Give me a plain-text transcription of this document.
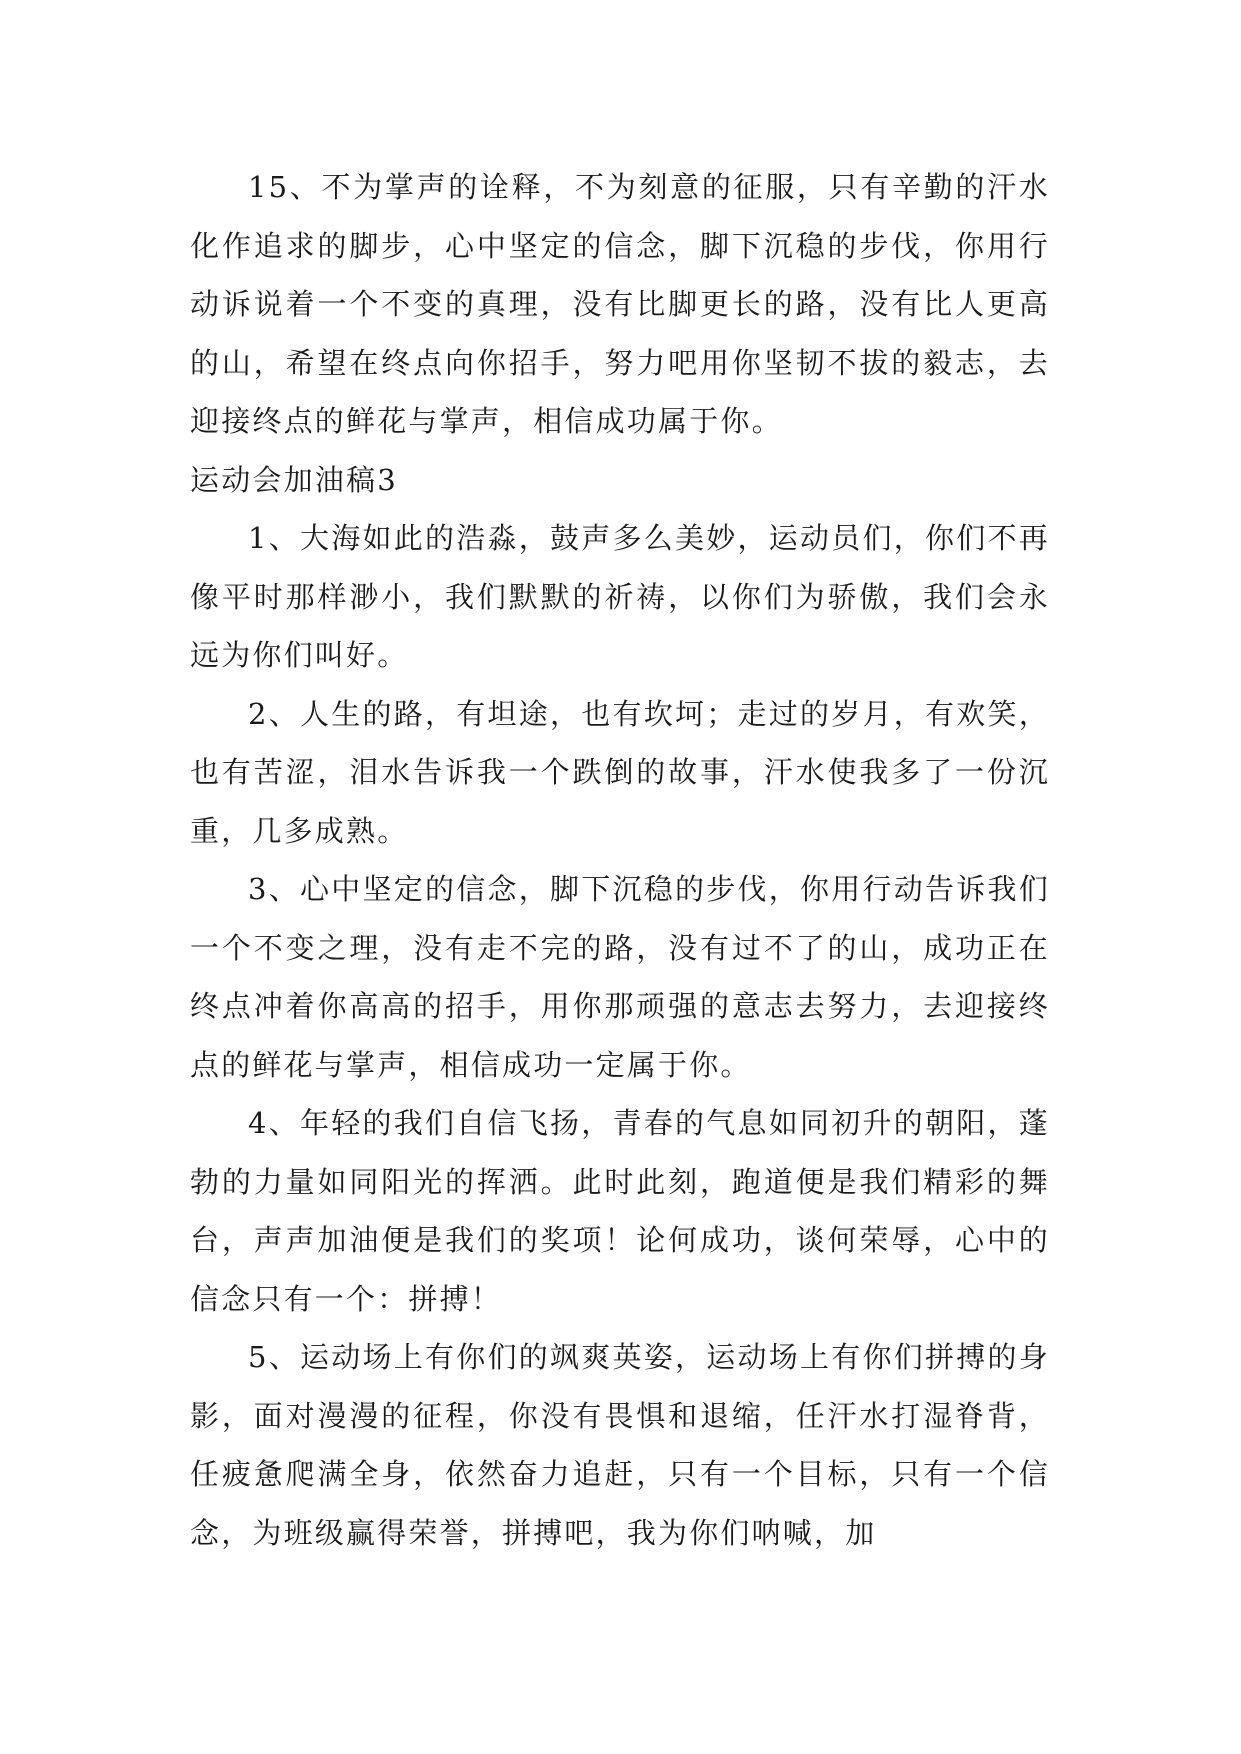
15、不为掌声的诠释，不为刻意的征服，只有辛勤的汗水化作追求的脚步，心中坚定的信念，脚下沉稳的步伐，你用行动诉说着一个不变的真理，没有比脚更长的路，没有比人更高的山，希望在终点向你招手，努力吧用你坚韧不拔的毅志，去迎接终点的鲜花与掌声，相信成功属于你。

运动会加油稿3

1、大海如此的浩淼，鼓声多么美妙，运动员们，你们不再像平时那样渺小，我们默默的祈祷，以你们为骄傲，我们会永远为你们叫好。

2、人生的路，有坦途，也有坎坷；走过的岁月，有欢笑，也有苦涩，泪水告诉我一个跌倒的故事，汗水使我多了一份沉重，几多成熟。

3、心中坚定的信念，脚下沉稳的步伐，你用行动告诉我们一个不变之理，没有走不完的路，没有过不了的山，成功正在终点冲着你高高的招手，用你那顽强的意志去努力，去迎接终点的鲜花与掌声，相信成功一定属于你。

4、年轻的我们自信飞扬，青春的气息如同初升的朝阳，蓬勃的力量如同阳光的挥洒。此时此刻，跑道便是我们精彩的舞台，声声加油便是我们的奖项！论何成功，谈何荣辱，心中的信念只有一个：拼搏！

5、运动场上有你们的飒爽英姿，运动场上有你们拼搏的身影，面对漫漫的征程，你没有畏惧和退缩，任汗水打湿脊背，任疲惫爬满全身，依然奋力追赶，只有一个目标，只有一个信念，为班级赢得荣誉，拼搏吧，我为你们呐喊，加
